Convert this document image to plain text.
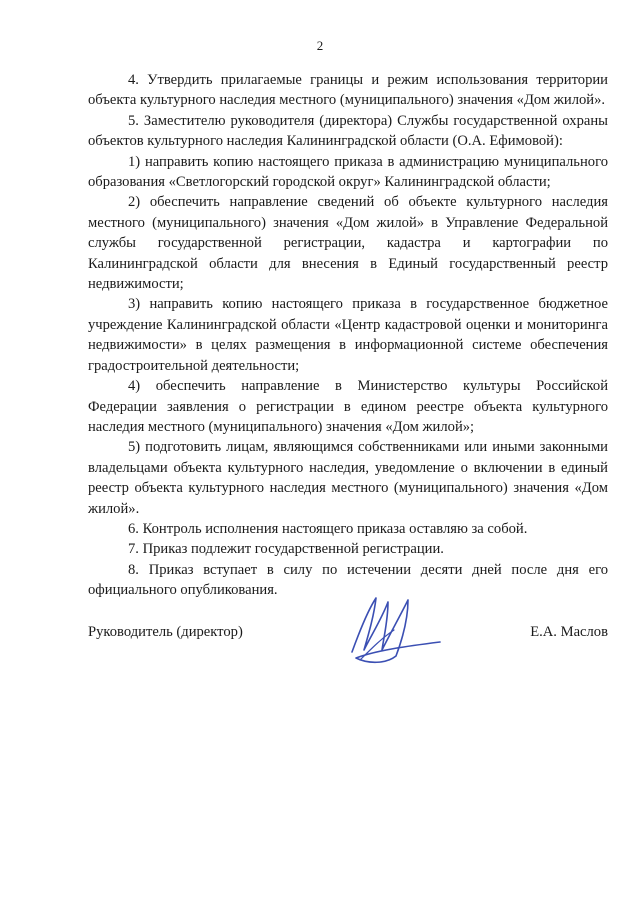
2

4. Утвердить прилагаемые границы и режим использования территории объекта культурного наследия местного (муниципального) значения «Дом жилой».

5. Заместителю руководителя (директора) Службы государственной охраны объектов культурного наследия Калининградской области (О.А. Ефимовой):

1) направить копию настоящего приказа в администрацию муниципального образования «Светлогорский городской округ» Калининградской области;

2) обеспечить направление сведений об объекте культурного наследия местного (муниципального) значения «Дом жилой» в Управление Федеральной службы государственной регистрации, кадастра и картографии по Калининградской области для внесения в Единый государственный реестр недвижимости;

3) направить копию настоящего приказа в государственное бюджетное учреждение Калининградской области «Центр кадастровой оценки и мониторинга недвижимости» в целях размещения в информационной системе обеспечения градостроительной деятельности;

4) обеспечить направление в Министерство культуры Российской Федерации заявления о регистрации в едином реестре объекта культурного наследия местного (муниципального) значения «Дом жилой»;

5) подготовить лицам, являющимся собственниками или иными законными владельцами объекта культурного наследия, уведомление о включении в единый реестр объекта культурного наследия местного (муниципального) значения «Дом жилой».

6. Контроль исполнения настоящего приказа оставляю за собой.

7. Приказ подлежит государственной регистрации.

8. Приказ вступает в силу по истечении десяти дней после дня его официального опубликования.

Руководитель (директор)	Е.А. Маслов
